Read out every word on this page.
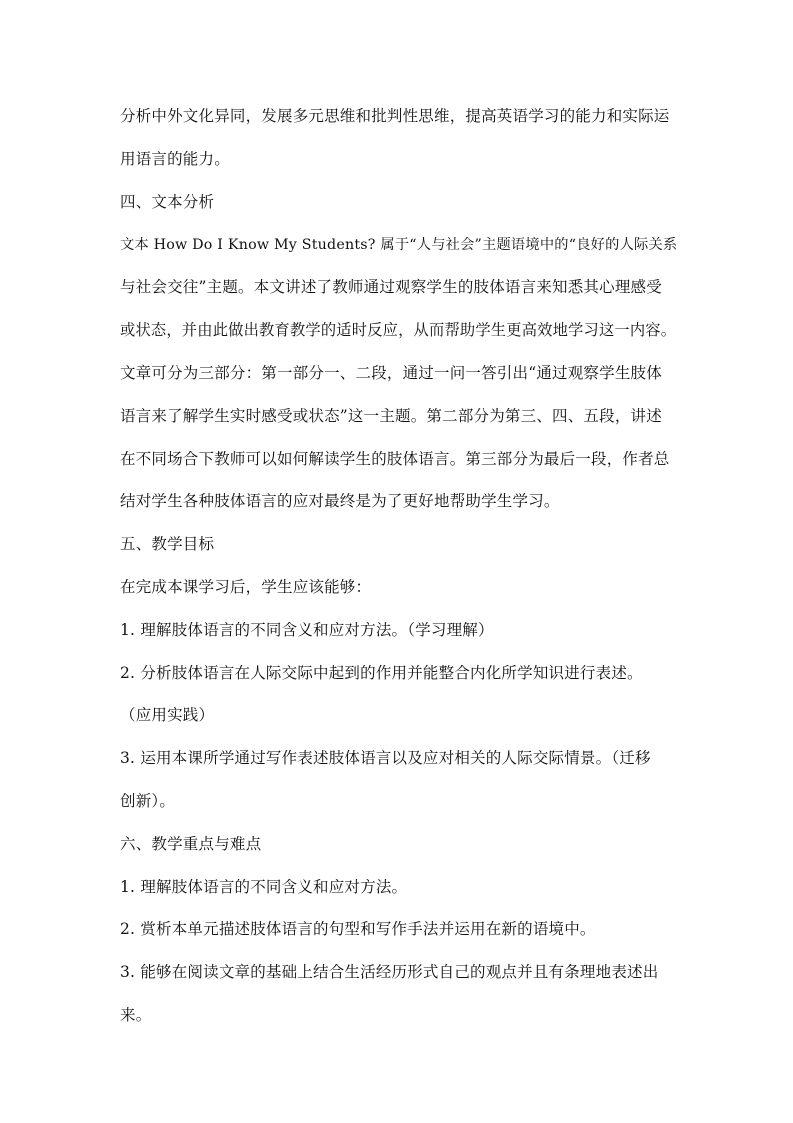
分析中外文化异同，发展多元思维和批判性思维，提高英语学习的能力和实际运
用语言的能力。
四、文本分析
文本 How Do I Know My Students? 属于“人与社会”主题语境中的“良好的人际关系
与社会交往”主题。本文讲述了教师通过观察学生的肢体语言来知悉其心理感受
或状态，并由此做出教育教学的适时反应，从而帮助学生更高效地学习这一内容。
文章可分为三部分：第一部分一、二段，通过一问一答引出“通过观察学生肢体
语言来了解学生实时感受或状态”这一主题。第二部分为第三、四、五段，讲述
在不同场合下教师可以如何解读学生的肢体语言。第三部分为最后一段，作者总
结对学生各种肢体语言的应对最终是为了更好地帮助学生学习。
五、教学目标
在完成本课学习后，学生应该能够：
1. 理解肢体语言的不同含义和应对方法。（学习理解）
2. 分析肢体语言在人际交际中起到的作用并能整合内化所学知识进行表述。
（应用实践）
3. 运用本课所学通过写作表述肢体语言以及应对相关的人际交际情景。（迁移
创新）。
六、教学重点与难点
1. 理解肢体语言的不同含义和应对方法。
2. 赏析本单元描述肢体语言的句型和写作手法并运用在新的语境中。
3. 能够在阅读文章的基础上结合生活经历形式自己的观点并且有条理地表述出
来。
